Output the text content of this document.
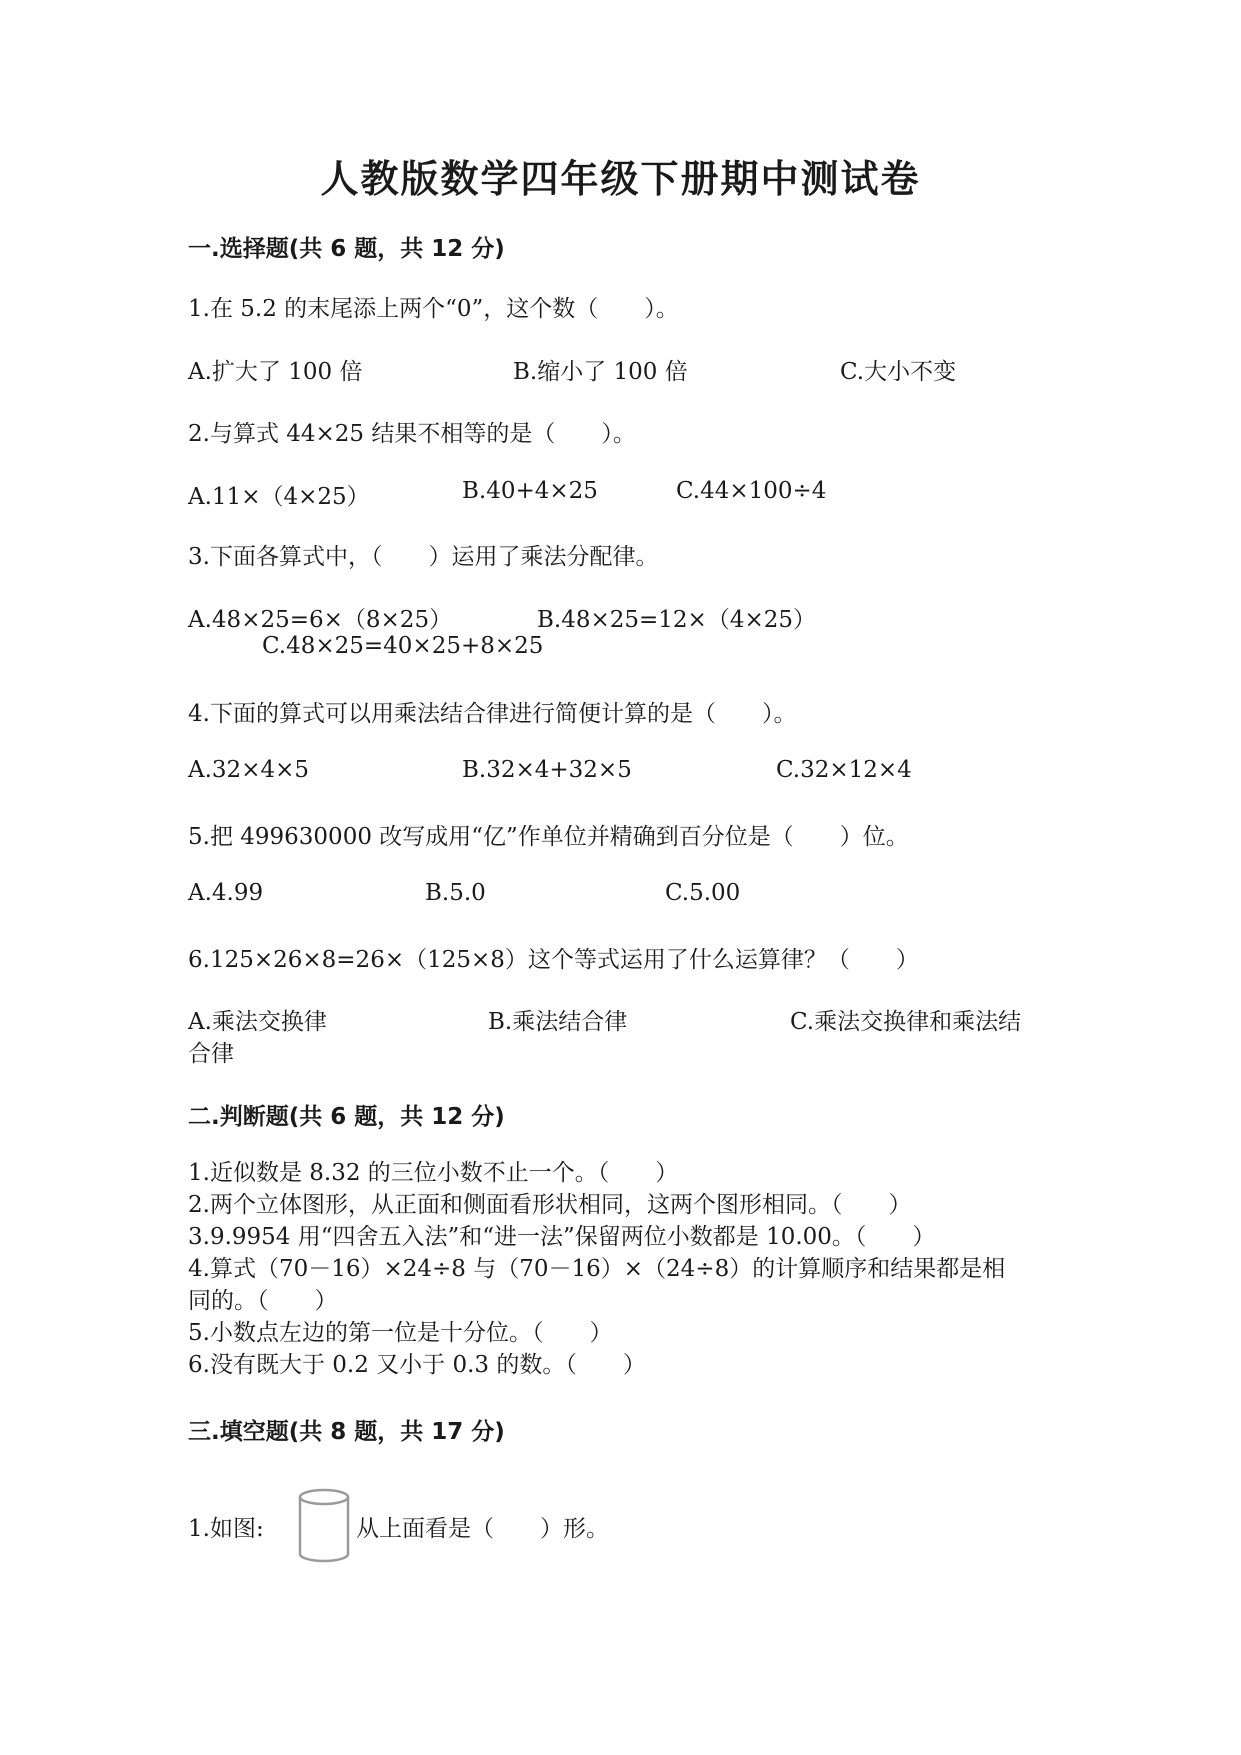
人教版数学四年级下册期中测试卷
一.选择题(共 6 题，共 12 分)
1.在 5.2 的末尾添上两个“0”，这个数（　　）。
A.扩大了 100 倍	B.缩小了 100 倍	C.大小不变
2.与算式 44×25 结果不相等的是（　　）。
A.11×（4×25）	B.40+4×25	C.44×100÷4
3.下面各算式中，（　　）运用了乘法分配律。
A.48×25=6×（8×25）	B.48×25=12×（4×25）
C.48×25=40×25+8×25
4.下面的算式可以用乘法结合律进行简便计算的是（　　）。
A.32×4×5	B.32×4+32×5	C.32×12×4
5.把 499630000 改写成用“亿”作单位并精确到百分位是（　　）位。
A.4.99	B.5.0	C.5.00
6.125×26×8=26×（125×8）这个等式运用了什么运算律？（　　）
A.乘法交换律	B.乘法结合律	C.乘法交换律和乘法结
合律
二.判断题(共 6 题，共 12 分)
1.近似数是 8.32 的三位小数不止一个。（　　）
2.两个立体图形，从正面和侧面看形状相同，这两个图形相同。（　　）
3.9.9954 用“四舍五入法”和“进一法”保留两位小数都是 10.00。（　　）
4.算式（70－16）×24÷8 与（70－16）×（24÷8）的计算顺序和结果都是相
同的。（　　）
5.小数点左边的第一位是十分位。（　　）
6.没有既大于 0.2 又小于 0.3 的数。（　　）
三.填空题(共 8 题，共 17 分)
1.如图:	从上面看是（　　）形。
